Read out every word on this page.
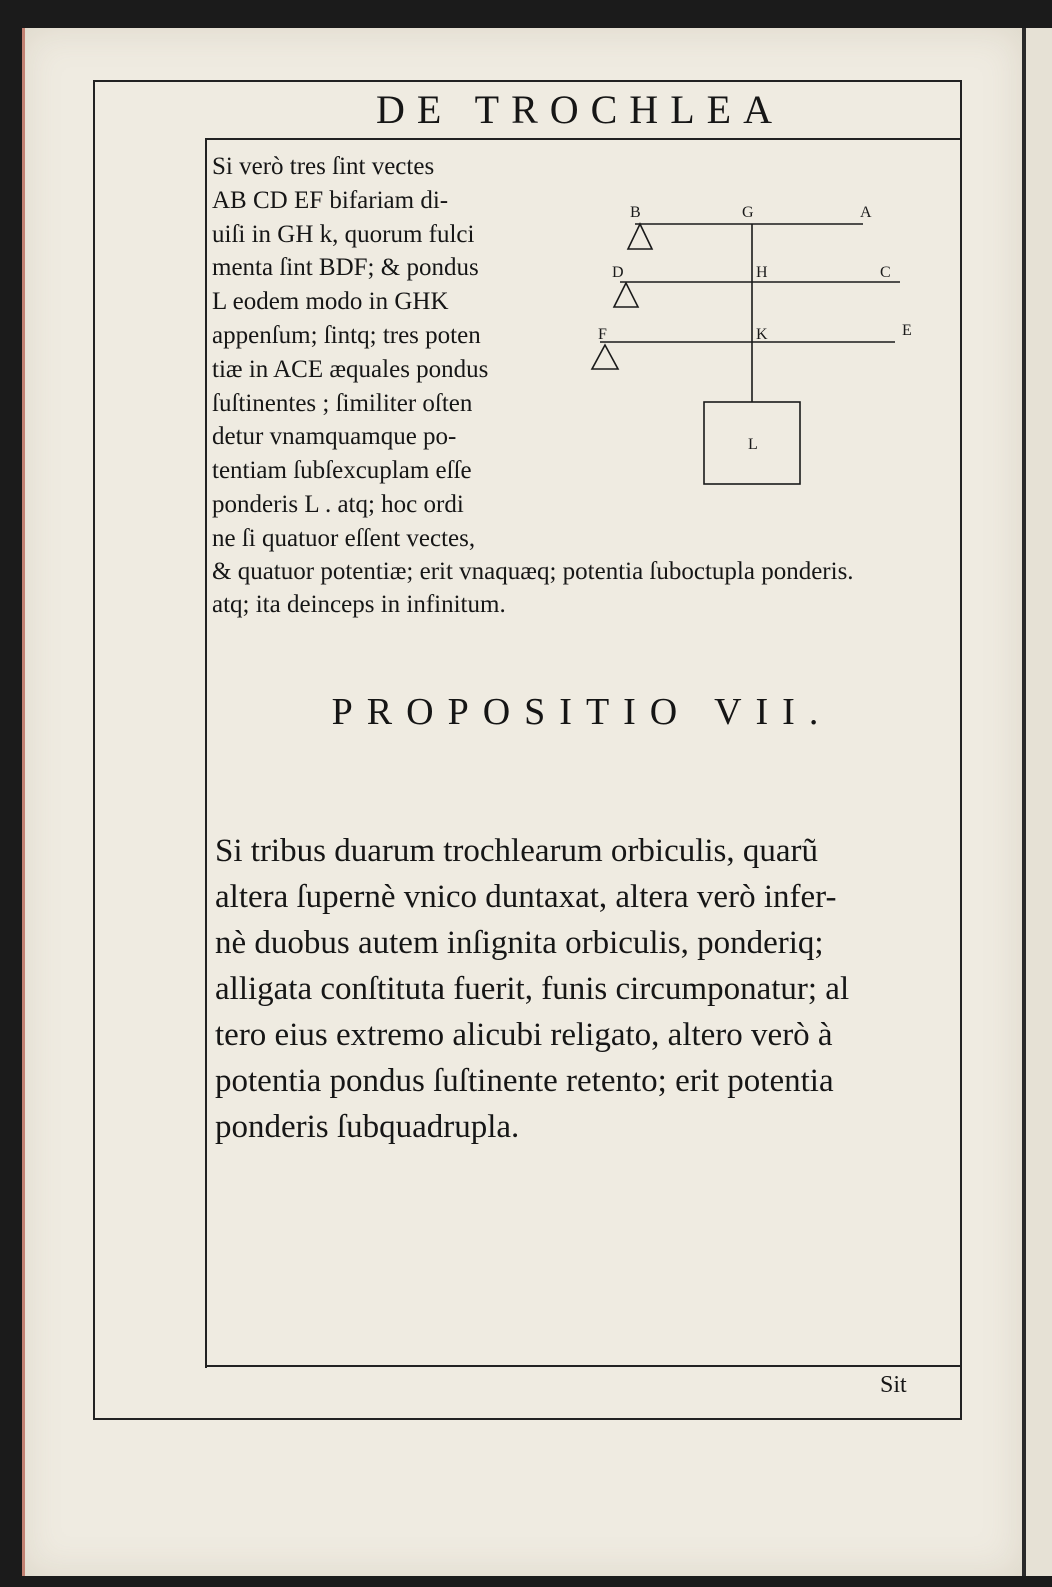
DE TROCHLEA
Si verò tres ſint vectes
AB CD EF bifariam di-
uiſi in GH k, quorum fulci
menta ſint BDF; & pondus
L eodem modo in GHK
appenſum; ſintq; tres poten
tiæ in ACE æquales pondus
ſuſtinentes ; ſimiliter oſten
detur vnamquamque po-
tentiam ſubſexcuplam eſſe
ponderis L . atq; hoc ordi
ne ſi quatuor eſſent vectes,
& quatuor potentiæ; erit vnaquæq; potentia ſuboctupla ponderis.
atq; ita deinceps in infinitum.
B	G	A
D	H	C
F	K	E
L
PROPOSITIO VII.
Si tribus duarum trochlearum orbiculis, quarũ
altera ſupernè vnico duntaxat, altera verò infer-
nè duobus autem inſignita orbiculis, ponderiq;
alligata conſtituta fuerit, funis circumponatur; al
tero eius extremo alicubi religato, altero verò à
potentia pondus ſuſtinente retento; erit potentia
ponderis ſubquadrupla.
Sit
